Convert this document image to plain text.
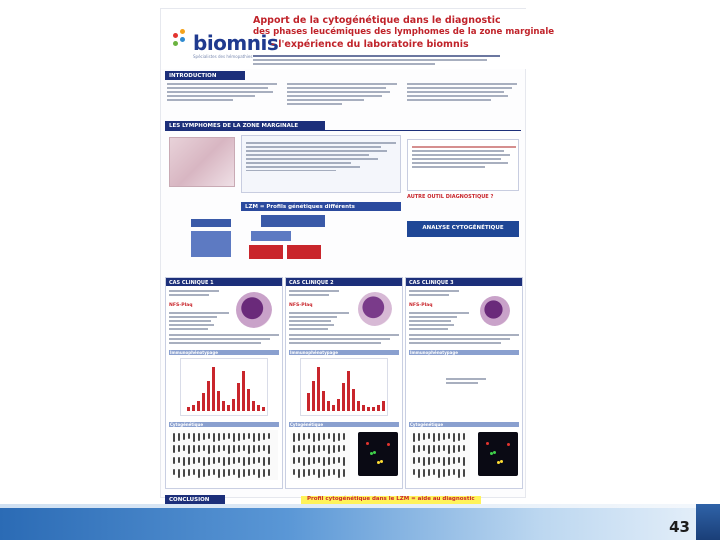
biomnis
Spécialistes des hémopathies
Apport de la cytogénétique dans le diagnostic
des phases leucémiques des lymphomes de la zone marginale
- l'expérience du laboratoire biomnis
INTRODUCTION
LES LYMPHOMES DE LA ZONE MARGINALE
AUTRE OUTIL DIAGNOSTIQUE ?
LZM = Profils génétiques différents
ANALYSE CYTOGÉNÉTIQUE
CAS CLINIQUE 1
NFS-Plaq
Immunophénotypage
Cytogénétique
CAS CLINIQUE 2
NFS-Plaq
Immunophénotypage
Cytogénétique
CAS CLINIQUE 3
NFS-Plaq
Immunophénotypage
Cytogénétique
CONCLUSION	Profil cytogénétique dans le LZM = aide au diagnostic
43
